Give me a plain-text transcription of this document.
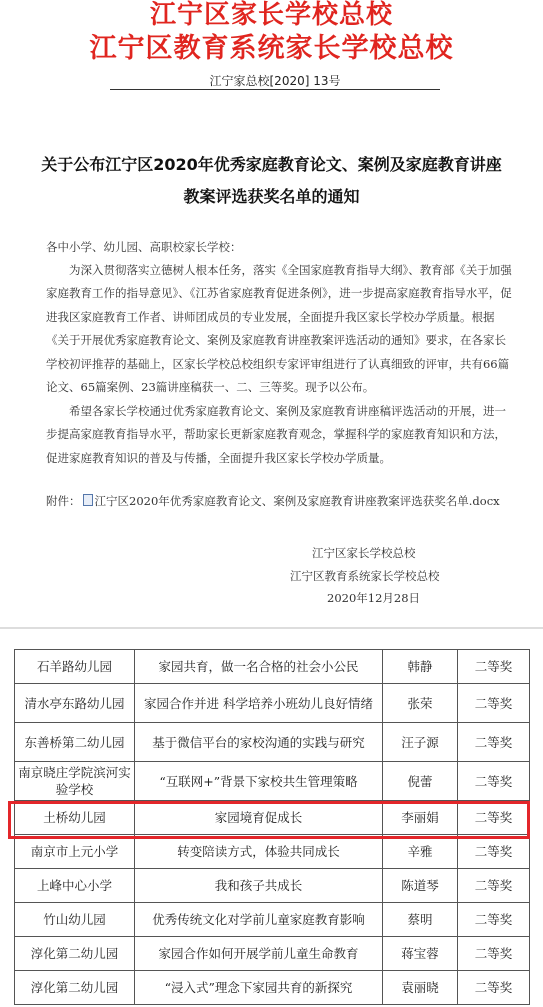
江宁区家长学校总校
江宁区教育系统家长学校总校
江宁家总校[2020] 13号
关于公布江宁区2020年优秀家庭教育论文、案例及家庭教育讲座
教案评选获奖名单的通知
各中小学、幼儿园、高职校家长学校：
为深入贯彻落实立德树人根本任务，落实《全国家庭教育指导大纲》、教育部《关于加强家庭教育工作的指导意见》、《江苏省家庭教育促进条例》，进一步提高家庭教育指导水平，促进我区家庭教育工作者、讲师团成员的专业发展，全面提升我区家长学校办学质量。根据《关于开展优秀家庭教育论文、案例及家庭教育讲座教案评选活动的通知》要求，在各家长学校初评推荐的基础上，区家长学校总校组织专家评审组进行了认真细致的评审，共有66篇论文、65篇案例、23篇讲座稿获一、二、三等奖。现予以公布。
希望各家长学校通过优秀家庭教育论文、案例及家庭教育讲座稿评选活动的开展，进一步提高家庭教育指导水平，帮助家长更新家庭教育观念，掌握科学的家庭教育知识和方法，促进家庭教育知识的普及与传播，全面提升我区家长学校办学质量。
附件： 江宁区2020年优秀家庭教育论文、案例及家庭教育讲座教案评选获奖名单.docx
江宁区家长学校总校
江宁区教育系统家长学校总校
2020年12月28日
石羊路幼儿园	家园共育，做一名合格的社会小公民	韩静	二等奖
清水亭东路幼儿园	家园合作并进 科学培养小班幼儿良好情绪	张荣	二等奖
东善桥第二幼儿园	基于微信平台的家校沟通的实践与研究	汪子源	二等奖
南京晓庄学院滨河实验学校	“互联网+”背景下家校共生管理策略	倪蕾	二等奖
土桥幼儿园	家园境育促成长	李丽娟	二等奖
南京市上元小学	转变陪读方式，体验共同成长	辛雅	二等奖
上峰中心小学	我和孩子共成长	陈道琴	二等奖
竹山幼儿园	优秀传统文化对学前儿童家庭教育影响	蔡明	二等奖
淳化第二幼儿园	家园合作如何开展学前儿童生命教育	蒋宝蓉	二等奖
淳化第二幼儿园	“浸入式”理念下家园共育的新探究	袁丽晓	二等奖
